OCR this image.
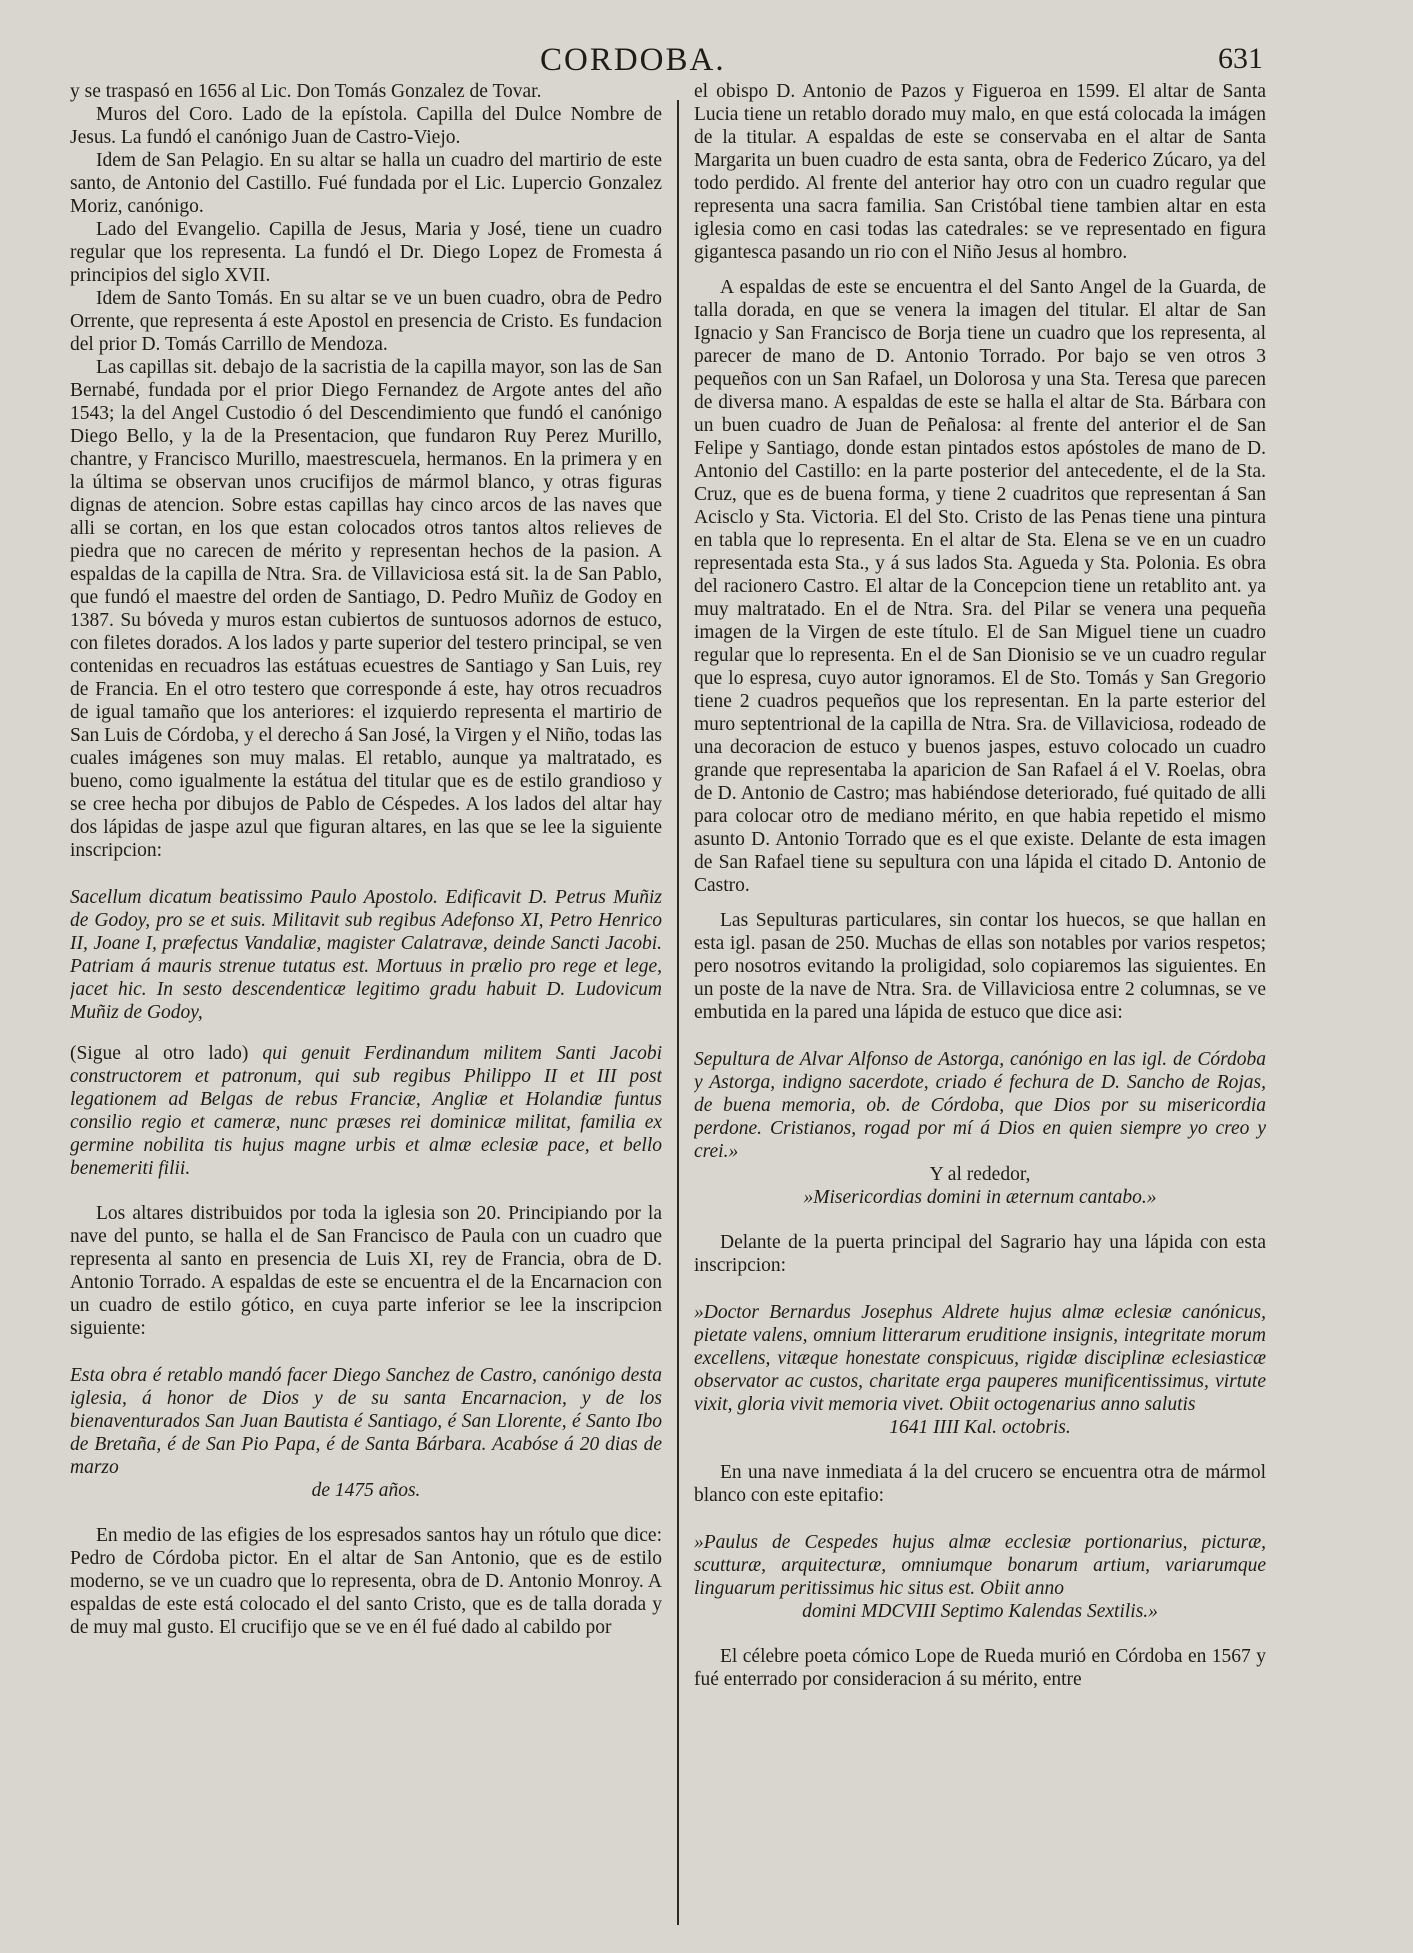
CORDOBA.	631

y se traspasó en 1656 al Lic. Don Tomás Gonzalez de Tovar.

Muros del Coro. Lado de la epístola. Capilla del Dulce Nombre de Jesus. La fundó el canónigo Juan de Castro-Viejo.

Idem de San Pelagio. En su altar se halla un cuadro del martirio de este santo, de Antonio del Castillo. Fué fundada por el Lic. Lupercio Gonzalez Moriz, canónigo.

Lado del Evangelio. Capilla de Jesus, Maria y José, tiene un cuadro regular que los representa. La fundó el Dr. Diego Lopez de Fromesta á principios del siglo XVII.

Idem de Santo Tomás. En su altar se ve un buen cuadro, obra de Pedro Orrente, que representa á este Apostol en presencia de Cristo. Es fundacion del prior D. Tomás Carrillo de Mendoza.

Las capillas sit. debajo de la sacristia de la capilla mayor, son las de San Bernabé, fundada por el prior Diego Fernandez de Argote antes del año 1543; la del Angel Custodio ó del Descendimiento que fundó el canónigo Diego Bello, y la de la Presentacion, que fundaron Ruy Perez Murillo, chantre, y Francisco Murillo, maestrescuela, hermanos. En la primera y en la última se observan unos crucifijos de mármol blanco, y otras figuras dignas de atencion. Sobre estas capillas hay cinco arcos de las naves que alli se cortan, en los que estan colocados otros tantos altos relieves de piedra que no carecen de mérito y representan hechos de la pasion. A espaldas de la capilla de Ntra. Sra. de Villaviciosa está sit. la de San Pablo, que fundó el maestre del orden de Santiago, D. Pedro Muñiz de Godoy en 1387. Su bóveda y muros estan cubiertos de suntuosos adornos de estuco, con filetes dorados. A los lados y parte superior del testero principal, se ven contenidas en recuadros las estátuas ecuestres de Santiago y San Luis, rey de Francia. En el otro testero que corresponde á este, hay otros recuadros de igual tamaño que los anteriores: el izquierdo representa el martirio de San Luis de Córdoba, y el derecho á San José, la Virgen y el Niño, todas las cuales imágenes son muy malas. El retablo, aunque ya maltratado, es bueno, como igualmente la estátua del titular que es de estilo grandioso y se cree hecha por dibujos de Pablo de Céspedes. A los lados del altar hay dos lápidas de jaspe azul que figuran altares, en las que se lee la siguiente inscripcion:

Sacellum dicatum beatissimo Paulo Apostolo. Edificavit D. Petrus Muñiz de Godoy, pro se et suis. Militavit sub regibus Adefonso XI, Petro Henrico II, Joane I, præfectus Vandaliæ, magister Calatravæ, deinde Sancti Jacobi. Patriam á mauris strenue tutatus est. Mortuus in prælio pro rege et lege, jacet hic. In sesto descendenticæ legitimo gradu habuit D. Ludovicum Muñiz de Godoy,

(Sigue al otro lado) qui genuit Ferdinandum militem Santi Jacobi constructorem et patronum, qui sub regibus Philippo II et III post legationem ad Belgas de rebus Franciæ, Angliæ et Holandiæ funtus consilio regio et cameræ, nunc præses rei dominicæ militat, familia ex germine nobilita tis hujus magne urbis et almæ eclesiæ pace, et bello benemeriti filii.

Los altares distribuidos por toda la iglesia son 20. Principiando por la nave del punto, se halla el de San Francisco de Paula con un cuadro que representa al santo en presencia de Luis XI, rey de Francia, obra de D. Antonio Torrado. A espaldas de este se encuentra el de la Encarnacion con un cuadro de estilo gótico, en cuya parte inferior se lee la inscripcion siguiente:

Esta obra é retablo mandó facer Diego Sanchez de Castro, canónigo desta iglesia, á honor de Dios y de su santa Encarnacion, y de los bienaventurados San Juan Bautista é Santiago, é San Llorente, é Santo Ibo de Bretaña, é de San Pio Papa, é de Santa Bárbara. Acabóse á 20 dias de marzo

de 1475 años.

En medio de las efigies de los espresados santos hay un rótulo que dice: Pedro de Córdoba pictor. En el altar de San Antonio, que es de estilo moderno, se ve un cuadro que lo representa, obra de D. Antonio Monroy. A espaldas de este está colocado el del santo Cristo, que es de talla dorada y de muy mal gusto. El crucifijo que se ve en él fué dado al cabildo por

el obispo D. Antonio de Pazos y Figueroa en 1599. El altar de Santa Lucia tiene un retablo dorado muy malo, en que está colocada la imágen de la titular. A espaldas de este se conservaba en el altar de Santa Margarita un buen cuadro de esta santa, obra de Federico Zúcaro, ya del todo perdido. Al frente del anterior hay otro con un cuadro regular que representa una sacra familia. San Cristóbal tiene tambien altar en esta iglesia como en casi todas las catedrales: se ve representado en figura gigantesca pasando un rio con el Niño Jesus al hombro.

A espaldas de este se encuentra el del Santo Angel de la Guarda, de talla dorada, en que se venera la imagen del titular. El altar de San Ignacio y San Francisco de Borja tiene un cuadro que los representa, al parecer de mano de D. Antonio Torrado. Por bajo se ven otros 3 pequeños con un San Rafael, un Dolorosa y una Sta. Teresa que parecen de diversa mano. A espaldas de este se halla el altar de Sta. Bárbara con un buen cuadro de Juan de Peñalosa: al frente del anterior el de San Felipe y Santiago, donde estan pintados estos apóstoles de mano de D. Antonio del Castillo: en la parte posterior del antecedente, el de la Sta. Cruz, que es de buena forma, y tiene 2 cuadritos que representan á San Acisclo y Sta. Victoria. El del Sto. Cristo de las Penas tiene una pintura en tabla que lo representa. En el altar de Sta. Elena se ve en un cuadro representada esta Sta., y á sus lados Sta. Agueda y Sta. Polonia. Es obra del racionero Castro. El altar de la Concepcion tiene un retablito ant. ya muy maltratado. En el de Ntra. Sra. del Pilar se venera una pequeña imagen de la Virgen de este título. El de San Miguel tiene un cuadro regular que lo representa. En el de San Dionisio se ve un cuadro regular que lo espresa, cuyo autor ignoramos. El de Sto. Tomás y San Gregorio tiene 2 cuadros pequeños que los representan. En la parte esterior del muro septentrional de la capilla de Ntra. Sra. de Villaviciosa, rodeado de una decoracion de estuco y buenos jaspes, estuvo colocado un cuadro grande que representaba la aparicion de San Rafael á el V. Roelas, obra de D. Antonio de Castro; mas habiéndose deteriorado, fué quitado de alli para colocar otro de mediano mérito, en que habia repetido el mismo asunto D. Antonio Torrado que es el que existe. Delante de esta imagen de San Rafael tiene su sepultura con una lápida el citado D. Antonio de Castro.

Las Sepulturas particulares, sin contar los huecos, se que hallan en esta igl. pasan de 250. Muchas de ellas son notables por varios respetos; pero nosotros evitando la proligidad, solo copiaremos las siguientes. En un poste de la nave de Ntra. Sra. de Villaviciosa entre 2 columnas, se ve embutida en la pared una lápida de estuco que dice asi:

Sepultura de Alvar Alfonso de Astorga, canónigo en las igl. de Córdoba y Astorga, indigno sacerdote, criado é fechura de D. Sancho de Rojas, de buena memoria, ob. de Córdoba, que Dios por su misericordia perdone. Cristianos, rogad por mí á Dios en quien siempre yo creo y crei.»

Y al rededor,

»Misericordias domini in æternum cantabo.»

Delante de la puerta principal del Sagrario hay una lápida con esta inscripcion:

»Doctor Bernardus Josephus Aldrete hujus almæ eclesiæ canónicus, pietate valens, omnium litterarum eruditione insignis, integritate morum excellens, vitæque honestate conspicuus, rigidæ disciplinæ eclesiasticæ observator ac custos, charitate erga pauperes munificentissimus, virtute vixit, gloria vivit memoria vivet. Obiit octogenarius anno salutis

1641 IIII Kal. octobris.

En una nave inmediata á la del crucero se encuentra otra de mármol blanco con este epitafio:

»Paulus de Cespedes hujus almæ ecclesiæ portionarius, picturæ, scutturæ, arquitecturæ, omniumque bonarum artium, variarumque linguarum peritissimus hic situs est. Obiit anno

domini MDCVIII Septimo Kalendas Sextilis.»

El célebre poeta cómico Lope de Rueda murió en Córdoba en 1567 y fué enterrado por consideracion á su mérito, entre
